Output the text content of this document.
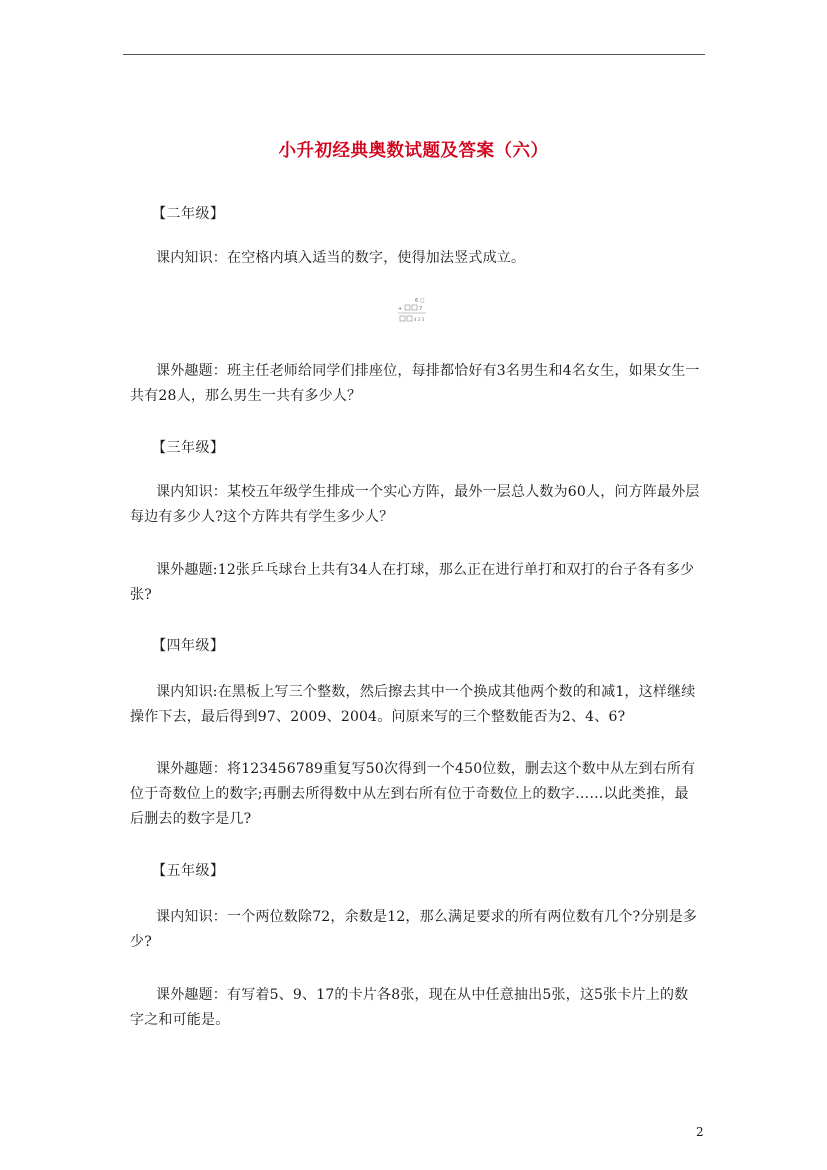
小升初经典奥数试题及答案（六）
【二年级】
课内知识：在空格内填入适当的数字，使得加法竖式成立。
6 □
+	7
4 2 3
课外趣题：班主任老师给同学们排座位，每排都恰好有3名男生和4名女生，如果女生一共有28人，那么男生一共有多少人？
【三年级】
课内知识：某校五年级学生排成一个实心方阵，最外一层总人数为60人，问方阵最外层每边有多少人?这个方阵共有学生多少人？
课外趣题:12张乒乓球台上共有34人在打球，那么正在进行单打和双打的台子各有多少张?
【四年级】
课内知识:在黑板上写三个整数，然后擦去其中一个换成其他两个数的和减1，这样继续操作下去，最后得到97、2009、2004。问原来写的三个整数能否为2、4、6?
课外趣题：将123456789重复写50次得到一个450位数，删去这个数中从左到右所有位于奇数位上的数字;再删去所得数中从左到右所有位于奇数位上的数字……以此类推，最后删去的数字是几?
【五年级】
课内知识：一个两位数除72，余数是12，那么满足要求的所有两位数有几个?分别是多少?
课外趣题：有写着5、9、17的卡片各8张，现在从中任意抽出5张，这5张卡片上的数字之和可能是。
2
